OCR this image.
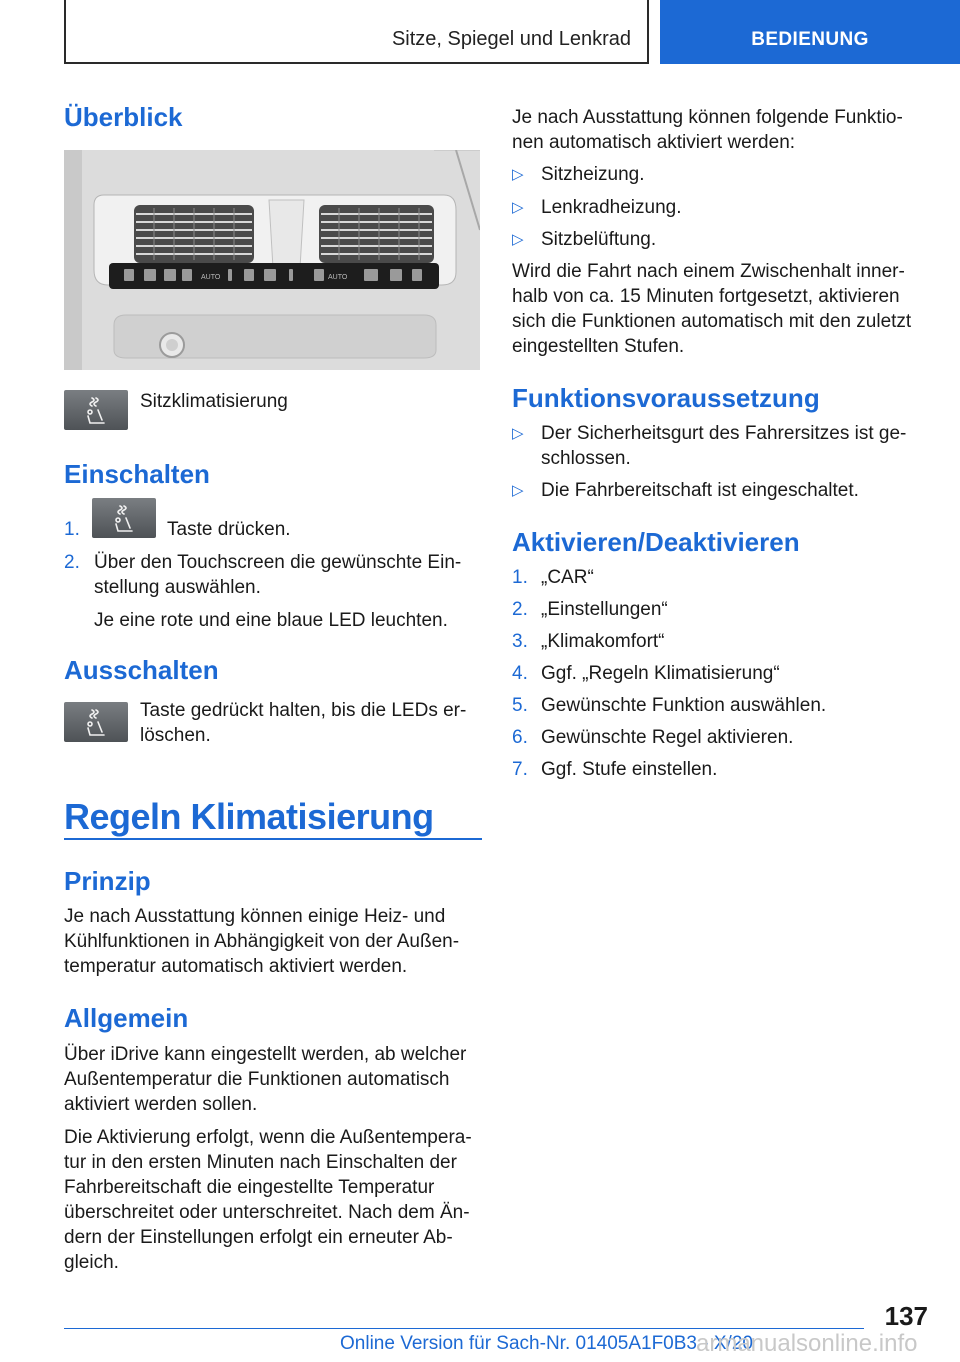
Sitze, Spiegel und Lenkrad	BEDIENUNG
Überblick
AUTO	AUTO
Sitzklimatisierung
Einschalten
1.	Taste drücken.
2. Über den Touchscreen die gewünschte Ein-
stellung auswählen.
Je eine rote und eine blaue LED leuchten.
Ausschalten
Taste gedrückt halten, bis die LEDs er-
löschen.
Regeln Klimatisierung
Prinzip
Je nach Ausstattung können einige Heiz- und
Kühlfunktionen in Abhängigkeit von der Außen-
temperatur automatisch aktiviert werden.
Allgemein
Über iDrive kann eingestellt werden, ab welcher
Außentemperatur die Funktionen automatisch
aktiviert werden sollen.
Die Aktivierung erfolgt, wenn die Außentempera-
tur in den ersten Minuten nach Einschalten der
Fahrbereitschaft die eingestellte Temperatur
überschreitet oder unterschreitet. Nach dem Än-
dern der Einstellungen erfolgt ein erneuter Ab-
gleich.
Je nach Ausstattung können folgende Funktio-
nen automatisch aktiviert werden:
▷ Sitzheizung.
▷ Lenkradheizung.
▷ Sitzbelüftung.
Wird die Fahrt nach einem Zwischenhalt inner-
halb von ca. 15 Minuten fortgesetzt, aktivieren
sich die Funktionen automatisch mit den zuletzt
eingestellten Stufen.
Funktionsvoraussetzung
▷ Der Sicherheitsgurt des Fahrersitzes ist ge-
schlossen.
▷ Die Fahrbereitschaft ist eingeschaltet.
Aktivieren/Deaktivieren
1. „CAR“
2. „Einstellungen“
3. „Klimakomfort“
4. Ggf. „Regeln Klimatisierung“
5. Gewünschte Funktion auswählen.
6. Gewünschte Regel aktivieren.
7. Ggf. Stufe einstellen.
137
Online Version für Sach-Nr. 01405A1F0B3 - X/20
armanualsonline.info
